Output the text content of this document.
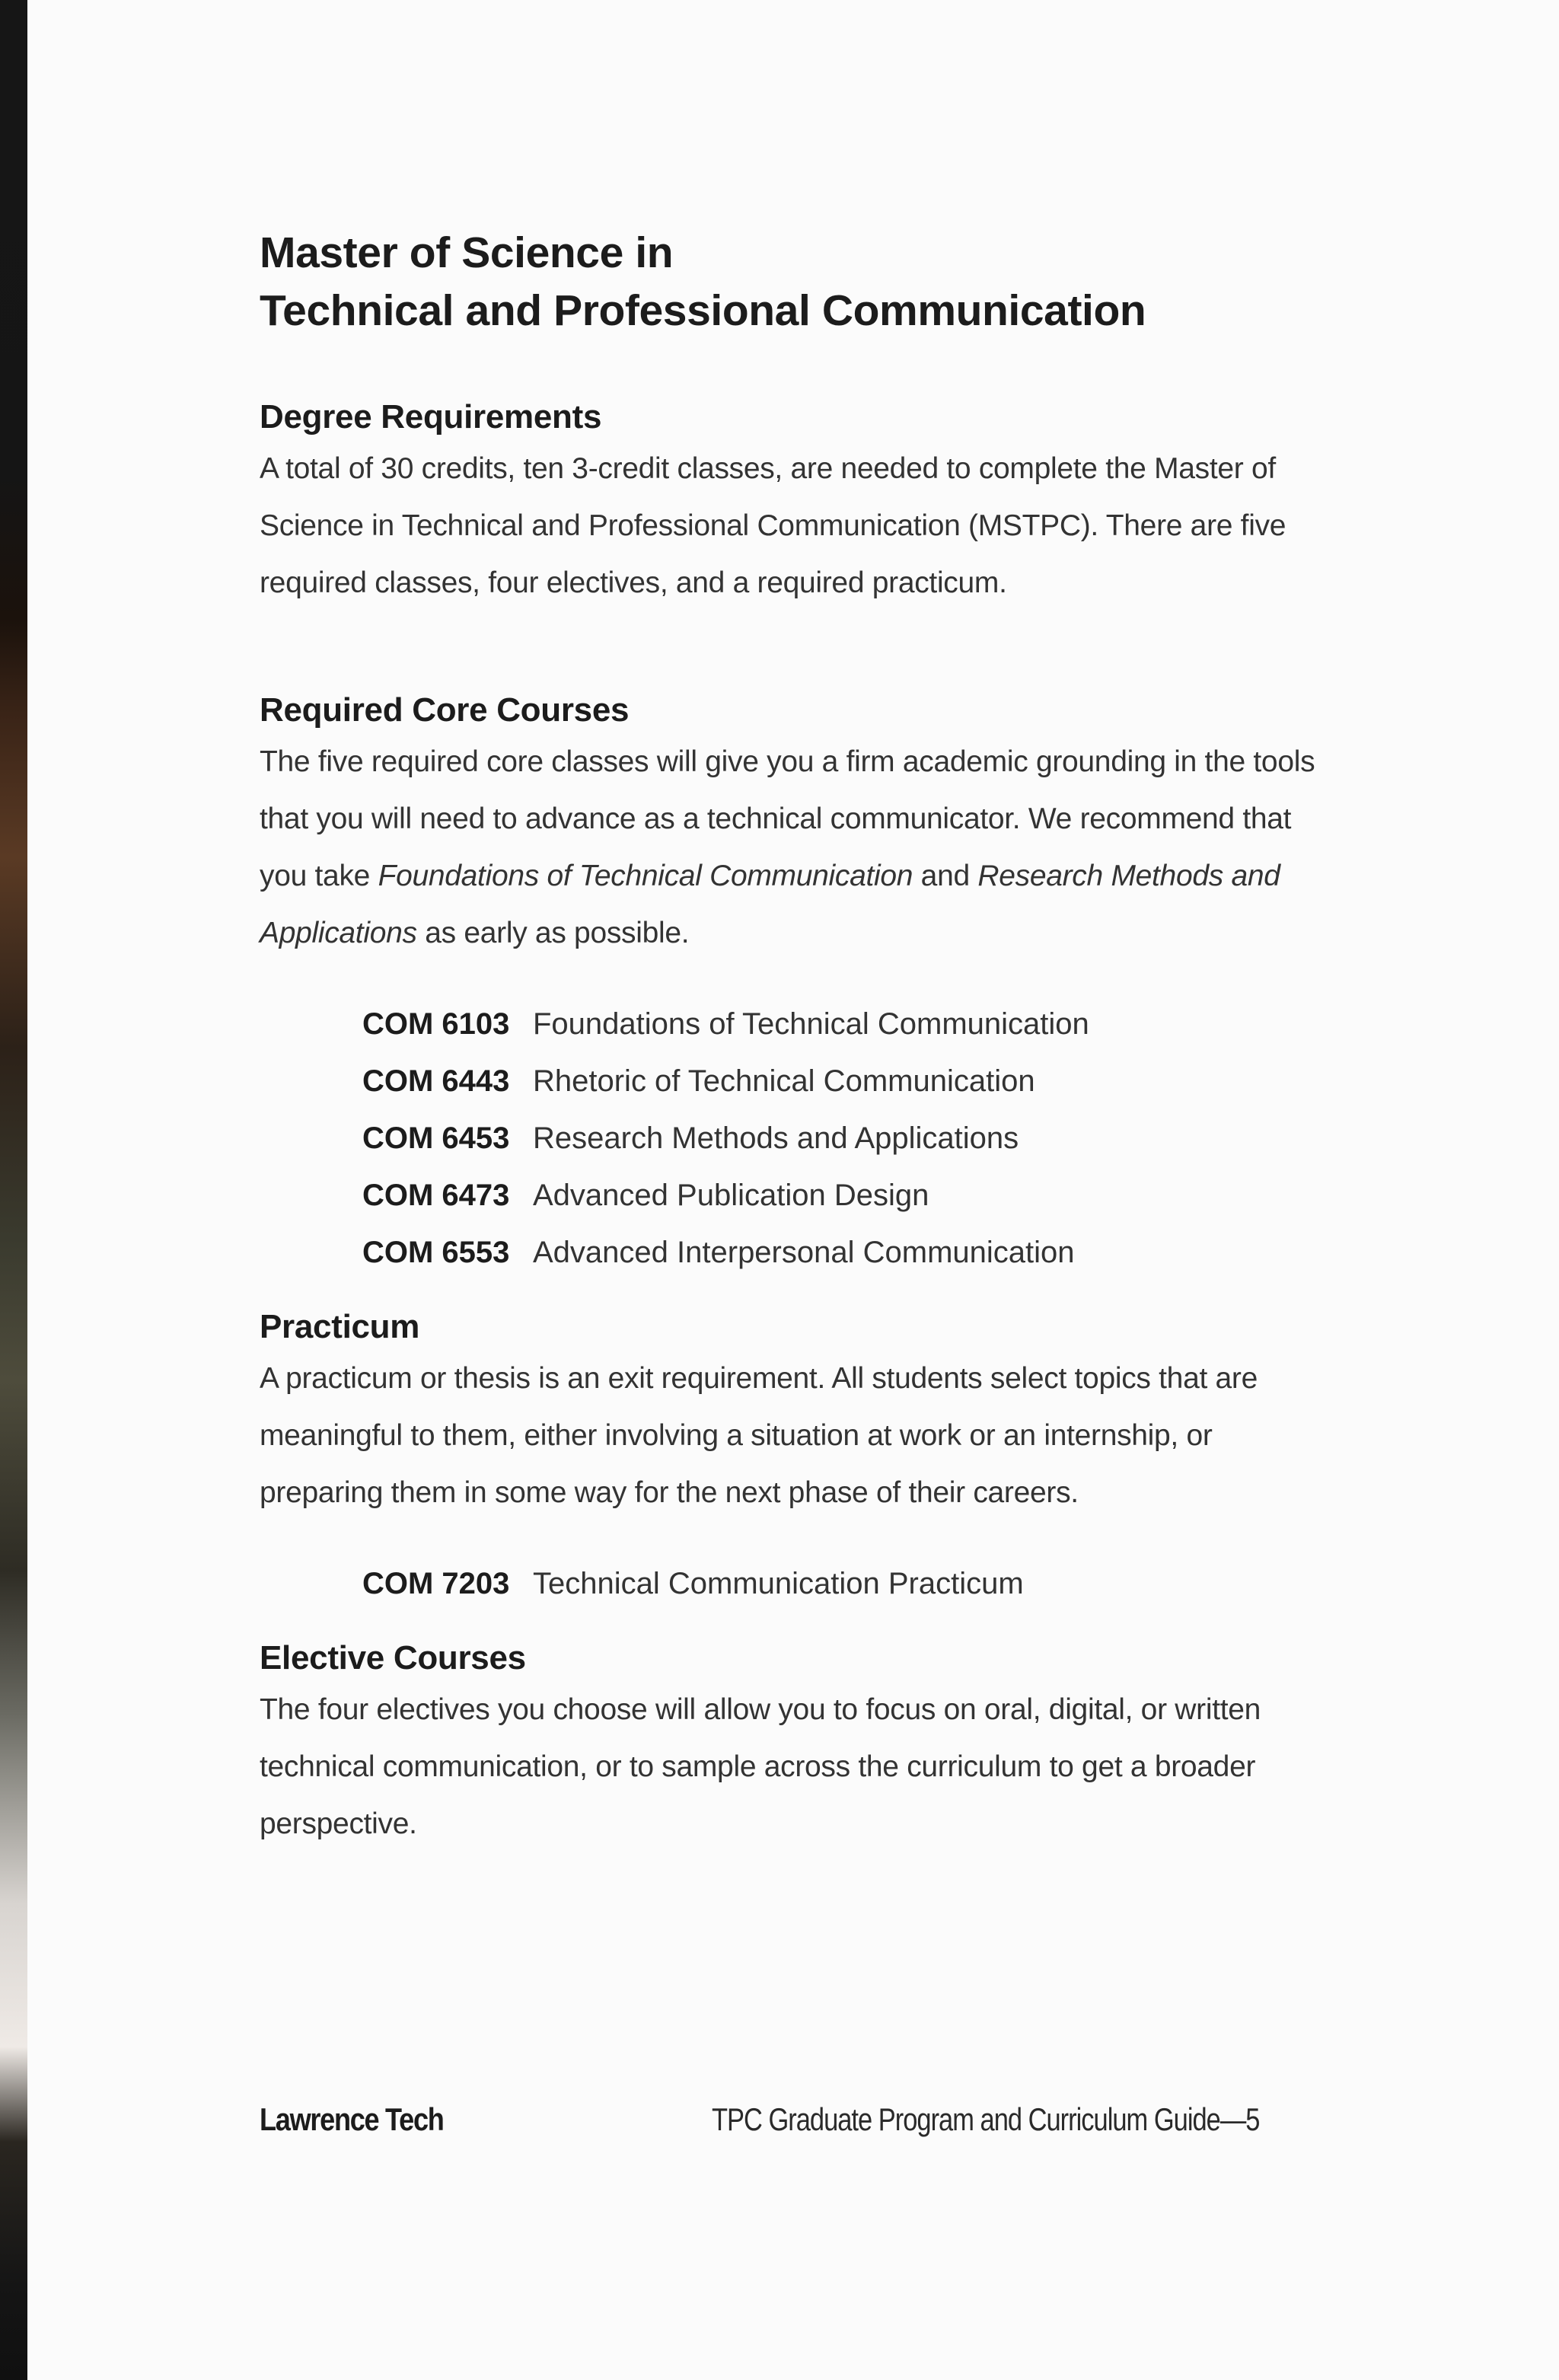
Master of Science in
Technical and Professional Communication
Degree Requirements

A total of 30 credits, ten 3-credit classes, are needed to complete the Master of Science in Technical and Professional Communication (MSTPC). There are five required classes, four electives, and a required practicum.

Required Core Courses

The five required core classes will give you a firm academic grounding in the tools that you will need to advance as a technical communicator. We recommend that you take Foundations of Technical Communication and Research Methods and Applications as early as possible.

COM 6103 Foundations of Technical Communication
COM 6443 Rhetoric of Technical Communication
COM 6453 Research Methods and Applications
COM 6473 Advanced Publication Design
COM 6553 Advanced Interpersonal Communication
Practicum

A practicum or thesis is an exit requirement. All students select topics that are meaningful to them, either involving a situation at work or an internship, or preparing them in some way for the next phase of their careers.

COM 7203 Technical Communication Practicum
Elective Courses

The four electives you choose will allow you to focus on oral, digital, or written technical communication, or to sample across the curriculum to get a broader perspective.

Lawrence Tech	TPC Graduate Program and Curriculum Guide—5
